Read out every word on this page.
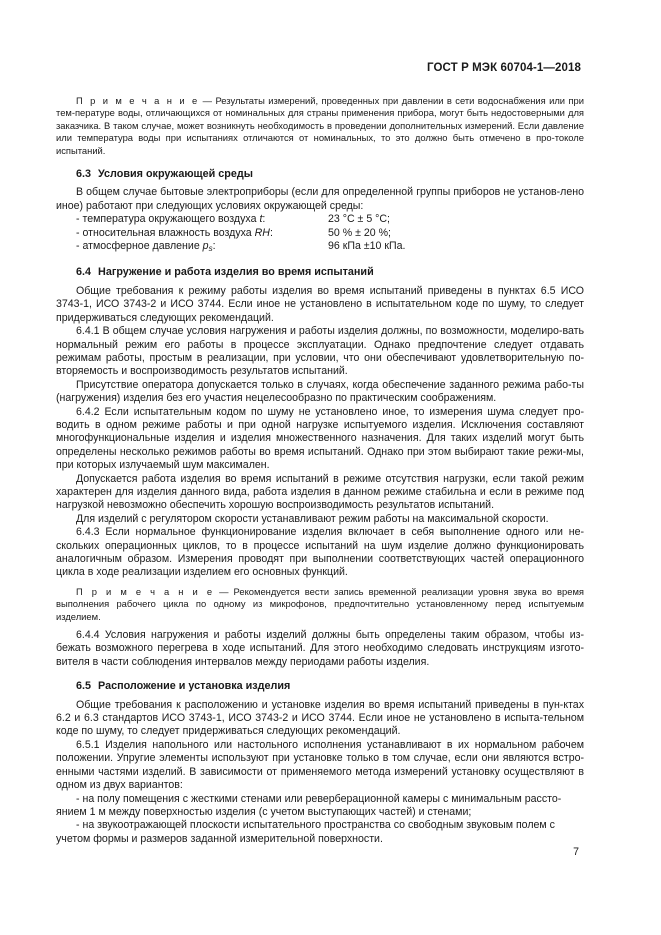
ГОСТ Р МЭК 60704-1—2018

П р и м е ч а н и е — Результаты измерений, проведенных при давлении в сети водоснабжения или при тем-пературе воды, отличающихся от номинальных для страны применения прибора, могут быть недостоверными для заказчика. В таком случае, может возникнуть необходимость в проведении дополнительных измерений. Если давление или температура воды при испытаниях отличаются от номинальных, то это должно быть отмечено в про-токоле испытаний.

6.3 Условия окружающей среды

В общем случае бытовые электроприборы (если для определенной группы приборов не установ-лено иное) работают при следующих условиях окружающей среды:

- температура окружающего воздуха t:	23 °C ± 5 °C;
- относительная влажность воздуха RH:	50 % ± 20 %;
- атмосферное давление $p_s$:	96 кПа ±10 кПа.
6.4 Нагружение и работа изделия во время испытаний

Общие требования к режиму работы изделия во время испытаний приведены в пунктах 6.5 ИСО 3743-1, ИСО 3743-2 и ИСО 3744. Если иное не установлено в испытательном коде по шуму, то следует придерживаться следующих рекомендаций.

6.4.1 В общем случае условия нагружения и работы изделия должны, по возможности, моделиро-вать нормальный режим его работы в процессе эксплуатации. Однако предпочтение следует отдавать режимам работы, простым в реализации, при условии, что они обеспечивают удовлетворительную по-вторяемость и воспроизводимость результатов испытаний.

Присутствие оператора допускается только в случаях, когда обеспечение заданного режима рабо-ты (нагружения) изделия без его участия нецелесообразно по практическим соображениям.

6.4.2 Если испытательным кодом по шуму не установлено иное, то измерения шума следует про-водить в одном режиме работы и при одной нагрузке испытуемого изделия. Исключения составляют многофункциональные изделия и изделия множественного назначения. Для таких изделий могут быть определены несколько режимов работы во время испытаний. Однако при этом выбирают такие режи-мы, при которых излучаемый шум максимален.

Допускается работа изделия во время испытаний в режиме отсутствия нагрузки, если такой режим характерен для изделия данного вида, работа изделия в данном режиме стабильна и если в режиме под нагрузкой невозможно обеспечить хорошую воспроизводимость результатов испытаний.

Для изделий с регулятором скорости устанавливают режим работы на максимальной скорости.

6.4.3 Если нормальное функционирование изделия включает в себя выполнение одного или не-скольких операционных циклов, то в процессе испытаний на шум изделие должно функционировать аналогичным образом. Измерения проводят при выполнении соответствующих частей операционного цикла в ходе реализации изделием его основных функций.

П р и м е ч а н и е — Рекомендуется вести запись временной реализации уровня звука во время выполнения рабочего цикла по одному из микрофонов, предпочтительно установленному перед испытуемым изделием.

6.4.4 Условия нагружения и работы изделий должны быть определены таким образом, чтобы из-бежать возможного перегрева в ходе испытаний. Для этого необходимо следовать инструкциям изгото-вителя в части соблюдения интервалов между периодами работы изделия.

6.5 Расположение и установка изделия

Общие требования к расположению и установке изделия во время испытаний приведены в пун-ктах 6.2 и 6.3 стандартов ИСО 3743-1, ИСО 3743-2 и ИСО 3744. Если иное не установлено в испыта-тельном коде по шуму, то следует придерживаться следующих рекомендаций.

6.5.1 Изделия напольного или настольного исполнения устанавливают в их нормальном рабочем положении. Упругие элементы используют при установке только в том случае, если они являются встро-енными частями изделий. В зависимости от применяемого метода измерений установку осуществляют в одном из двух вариантов:

- на полу помещения с жесткими стенами или реверберационной камеры с минимальным рассто-

янием 1 м между поверхностью изделия (с учетом выступающих частей) и стенами;

- на звукоотражающей плоскости испытательного пространства со свободным звуковым полем с

учетом формы и размеров заданной измерительной поверхности.

7
